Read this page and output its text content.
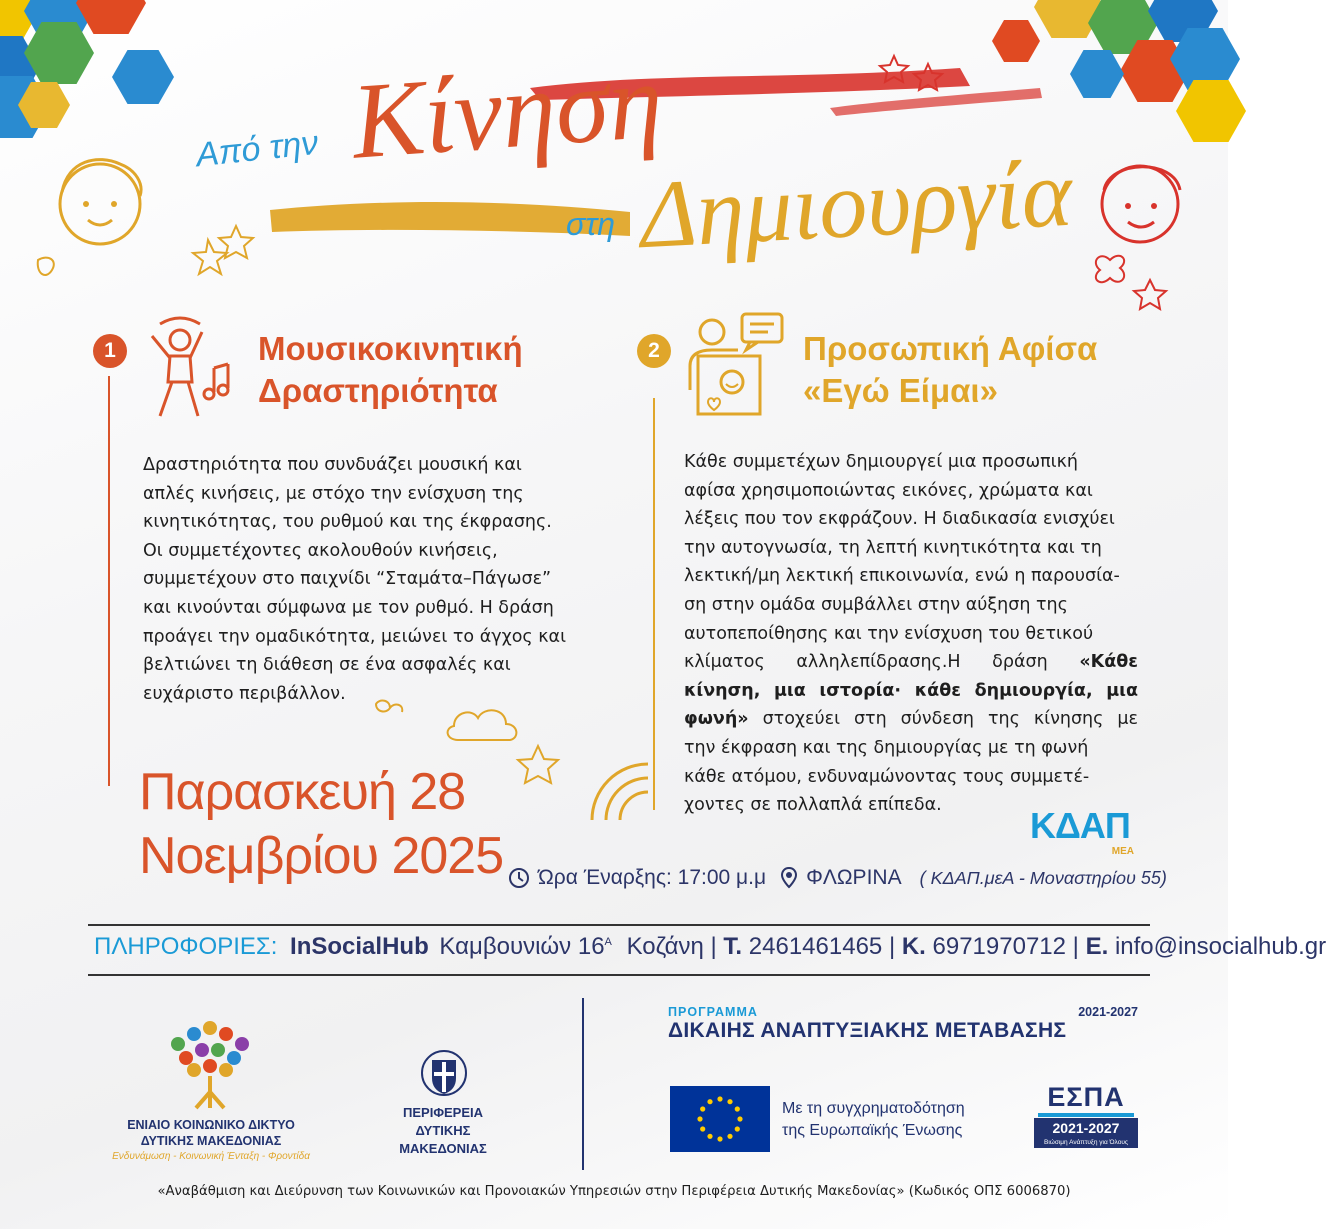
Από την Κίνηση
στη Δημιουργία
1	Μουσικοκινητική
Δραστηριότητα

Δραστηριότητα που συνδυάζει μουσική και

απλές κινήσεις, με στόχο την ενίσχυση της

κινητικότητας, του ρυθμού και της έκφρασης.

Οι συμμετέχοντες ακολουθούν κινήσεις,

συμμετέχουν στο παιχνίδι “Σταμάτα–Πάγωσε”

και κινούνται σύμφωνα με τον ρυθμό. Η δράση

προάγει την ομαδικότητα, μειώνει το άγχος και

βελτιώνει τη διάθεση σε ένα ασφαλές και

ευχάριστο περιβάλλον.

2	Προσωπική Αφίσα
«Εγώ Είμαι»

Κάθε συμμετέχων δημιουργεί μια προσωπική

αφίσα χρησιμοποιώντας εικόνες, χρώματα και

λέξεις που τον εκφράζουν. Η διαδικασία ενισχύει

την αυτογνωσία, τη λεπτή κινητικότητα και τη

λεκτική/μη λεκτική επικοινωνία, ενώ η παρουσία-

ση στην ομάδα συμβάλλει στην αύξηση της

αυτοπεποίθησης και την ενίσχυση του θετικού

κλίματος αλληλεπίδρασης.Η δράση «Κάθε

κίνηση, μια ιστορία· κάθε δημιουργία, μια

φωνή» στοχεύει στη σύνδεση της κίνησης με

την έκφραση και της δημιουργίας με τη φωνή

κάθε ατόμου, ενδυναμώνοντας τους συμμετέ-

χοντες σε πολλαπλά επίπεδα.	ΚΔΑΠ
ΜΕΑ
Παρασκευή 28
Νοεμβρίου 2025 Ώρα Έναρξης: 17:00 μ.μ ΦΛΩΡΙΝΑ ( ΚΔΑΠ.μεΑ - Μοναστηρίου 55)
ΠΛΗΡΟΦΟΡΙΕΣ: InSocialHub Καμβουνιών $16^A$ Κοζάνη | Τ. 2461461465 | Κ. 6971970712 | Ε. info@insocialhub.gr
ΕΝΙΑΙΟ ΚΟΙΝΩΝΙΚΟ ΔΙΚΤΥΟ
ΔΥΤΙΚΗΣ ΜΑΚΕΔΟΝΙΑΣ
Ενδυνάμωση - Κοινωνική Ένταξη - Φροντίδα
ΠΕΡΙΦΕΡΕΙΑ
ΔΥΤΙΚΗΣ
ΜΑΚΕΔΟΝΙΑΣ
ΠΡΟΓΡΑΜΜΑ	2021-2027
ΔΙΚΑΙΗΣ ΑΝΑΠΤΥΞΙΑΚΗΣ ΜΕΤΑΒΑΣΗΣ
Με τη συγχρηματοδότηση
της Ευρωπαϊκής Ένωσης
ΕΣΠΑ
2021-2027
Βιώσιμη Ανάπτυξη για Όλους
«Αναβάθμιση και Διεύρυνση των Κοινωνικών και Προνοιακών Υπηρεσιών στην Περιφέρεια Δυτικής Μακεδονίας» (Κωδικός ΟΠΣ 6006870)
